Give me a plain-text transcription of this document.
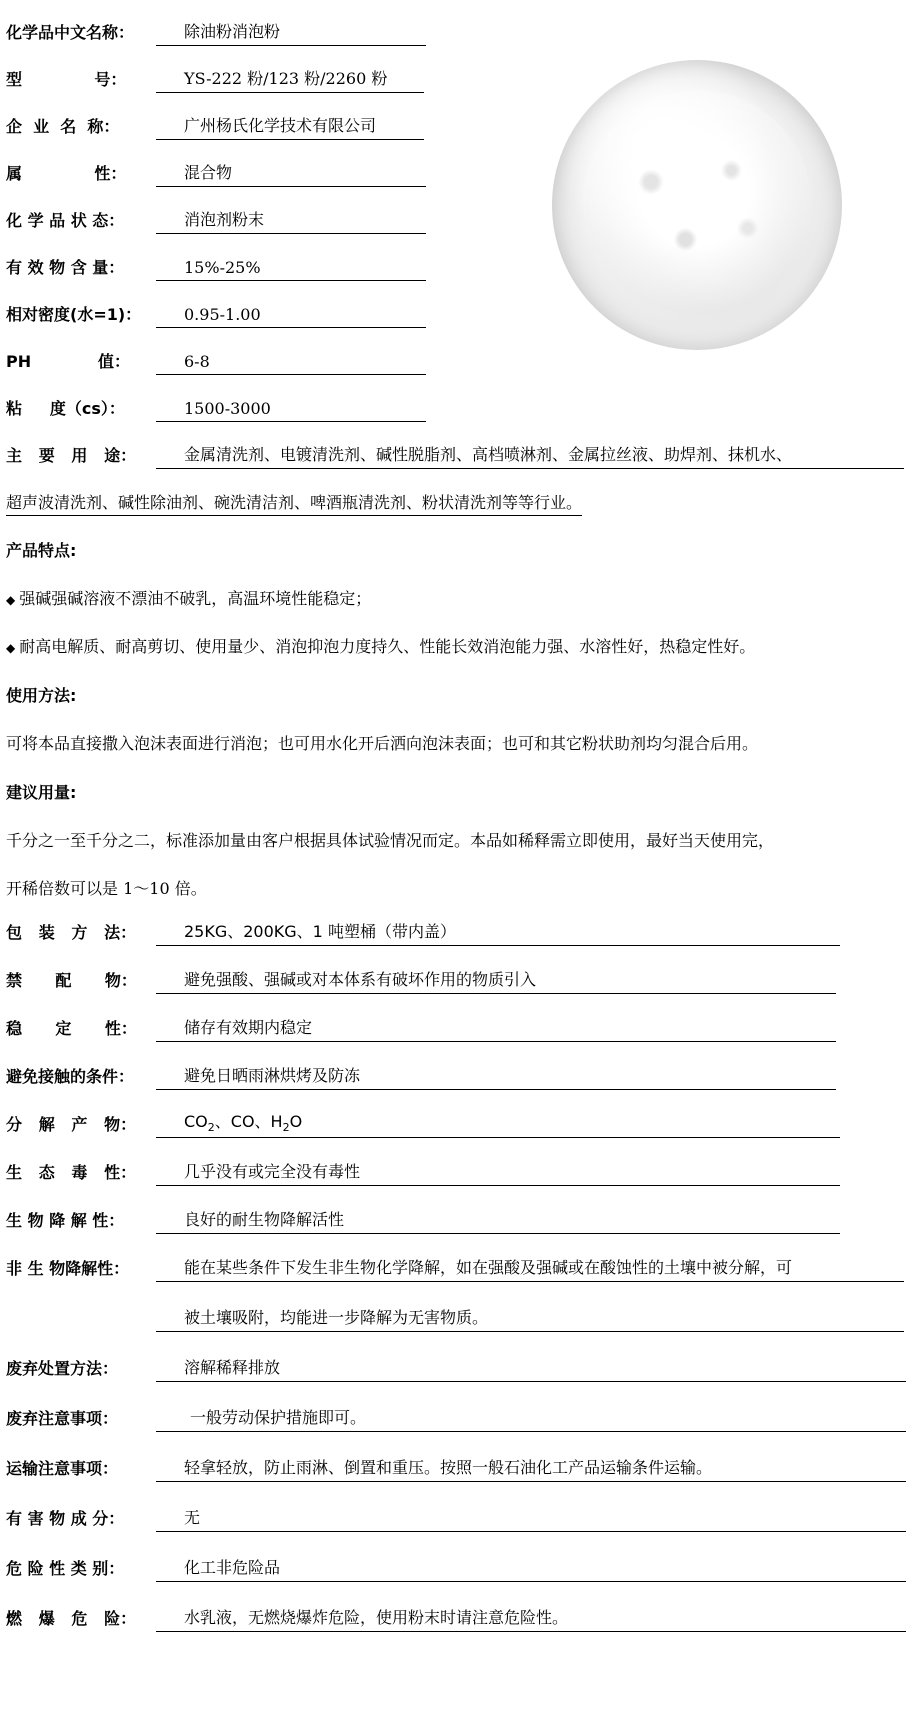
化学品中文名称：	除油粉消泡粉
型             号：	YS-222 粉/123 粉/2260 粉
企  业  名  称：	广州杨氏化学技术有限公司
属             性：	混合物
化 学 品 状 态：	消泡剂粉末
有 效 物 含 量：	15%-25%
相对密度(水=1)：	0.95-1.00
PH            值：	6-8
粘     度（cs）：	1500-3000
主   要   用   途：	金属清洗剂、电镀清洗剂、碱性脱脂剂、高档喷淋剂、金属拉丝液、助焊剂、抹机水、
超声波清洗剂、碱性除油剂、碗洗清洁剂、啤酒瓶清洗剂、粉状清洗剂等等行业。
产品特点:
◆ 强碱强碱溶液不漂油不破乳，高温环境性能稳定；
◆ 耐高电解质、耐高剪切、使用量少、消泡抑泡力度持久、性能长效消泡能力强、水溶性好，热稳定性好。
使用方法:
可将本品直接撒入泡沫表面进行消泡；也可用水化开后洒向泡沫表面；也可和其它粉状助剂均匀混合后用。
建议用量:
千分之一至千分之二，标准添加量由客户根据具体试验情况而定。本品如稀释需立即使用，最好当天使用完，
开稀倍数可以是 1～10 倍。
包   装   方   法：	25KG、200KG、1 吨塑桶（带内盖）
禁      配      物：	避免强酸、强碱或对本体系有破坏作用的物质引入
稳      定      性：	储存有效期内稳定
避免接触的条件：	避免日晒雨淋烘烤及防冻
分   解   产   物：	$CO_2$、CO、$H_2O$
生   态   毒   性：	几乎没有或完全没有毒性
生 物 降 解 性：	良好的耐生物降解活性
非 生 物降解性：	能在某些条件下发生非生物化学降解，如在强酸及强碱或在酸蚀性的土壤中被分解，可
被土壤吸附，均能进一步降解为无害物质。
废弃处置方法：	溶解稀释排放
废弃注意事项：	一般劳动保护措施即可。
运输注意事项：	轻拿轻放，防止雨淋、倒置和重压。按照一般石油化工产品运输条件运输。
有 害 物 成 分：	无
危 险 性 类 别：	化工非危险品
燃   爆   危   险：	水乳液，无燃烧爆炸危险，使用粉末时请注意危险性。
